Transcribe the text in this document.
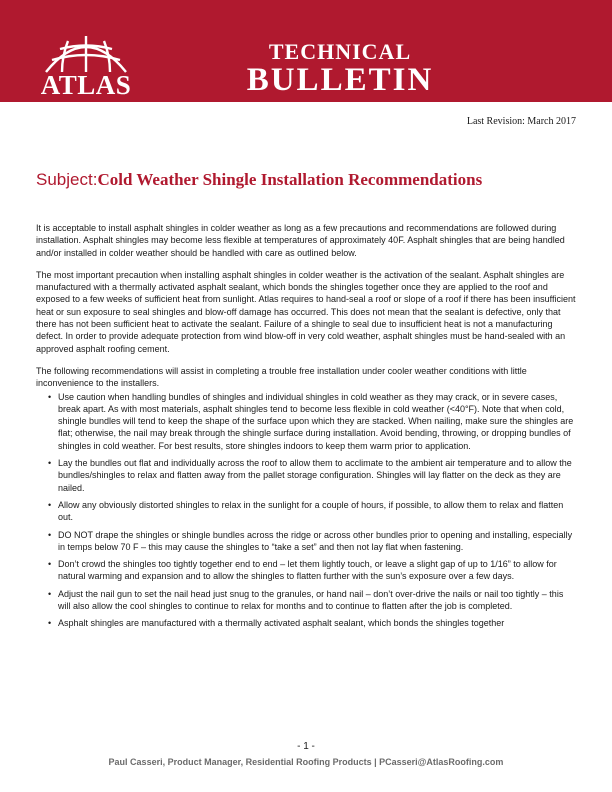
ATLAS
TECHNICAL
BULLETIN
Last Revision: March 2017
Subject:Cold Weather Shingle Installation Recommendations

It is acceptable to install asphalt shingles in colder weather as long as a few precautions and recommendations are followed during installation. Asphalt shingles may become less flexible at temperatures of approximately 40F. Asphalt shingles that are being handled and/or installed in colder weather should be handled with care as outlined below.

The most important precaution when installing asphalt shingles in colder weather is the activation of the sealant. Asphalt shingles are manufactured with a thermally activated asphalt sealant, which bonds the shingles together once they are applied to the roof and exposed to a few weeks of sufficient heat from sunlight. Atlas requires to hand-seal a roof or slope of a roof if there has been insufficient heat or sun exposure to seal shingles and blow-off damage has occurred. This does not mean that the sealant is defective, only that there has not been sufficient heat to activate the sealant. Failure of a shingle to seal due to insufficient heat is not a manufacturing defect. In order to provide adequate protection from wind blow-off in very cold weather, asphalt shingles must be hand-sealed with an approved asphalt roofing cement.

The following recommendations will assist in completing a trouble free installation under cooler weather conditions with little inconvenience to the installers.

• Use caution when handling bundles of shingles and individual shingles in cold weather as they may crack, or in severe cases, break apart. As with most materials, asphalt shingles tend to become less flexible in cold weather (<40°F). Note that when cold, shingle bundles will tend to keep the shape of the surface upon which they are stacked. When nailing, make sure the shingles are flat; otherwise, the nail may break through the shingle surface during installation. Avoid bending, throwing, or dropping bundles of shingles in cold weather. For best results, store shingles indoors to keep them warm prior to application.
• Lay the bundles out flat and individually across the roof to allow them to acclimate to the ambient air temperature and to allow the bundles/shingles to relax and flatten away from the pallet storage configuration. Shingles will lay flatter on the deck as they are nailed.
• Allow any obviously distorted shingles to relax in the sunlight for a couple of hours, if possible, to allow them to relax and flatten out.
• DO NOT drape the shingles or shingle bundles across the ridge or across other bundles prior to opening and installing, especially in temps below 70 F – this may cause the shingles to “take a set” and then not lay flat when fastening.
• Don’t crowd the shingles too tightly together end to end – let them lightly touch, or leave a slight gap of up to 1/16” to allow for natural warming and expansion and to allow the shingles to flatten further with the sun’s exposure over a few days.
• Adjust the nail gun to set the nail head just snug to the granules, or hand nail – don’t over-drive the nails or nail too tightly – this will also allow the cool shingles to continue to relax for months and to continue to flatten after the job is completed.
• Asphalt shingles are manufactured with a thermally activated asphalt sealant, which bonds the shingles together
- 1 -
Paul Casseri, Product Manager, Residential Roofing Products | PCasseri@AtlasRoofing.com
